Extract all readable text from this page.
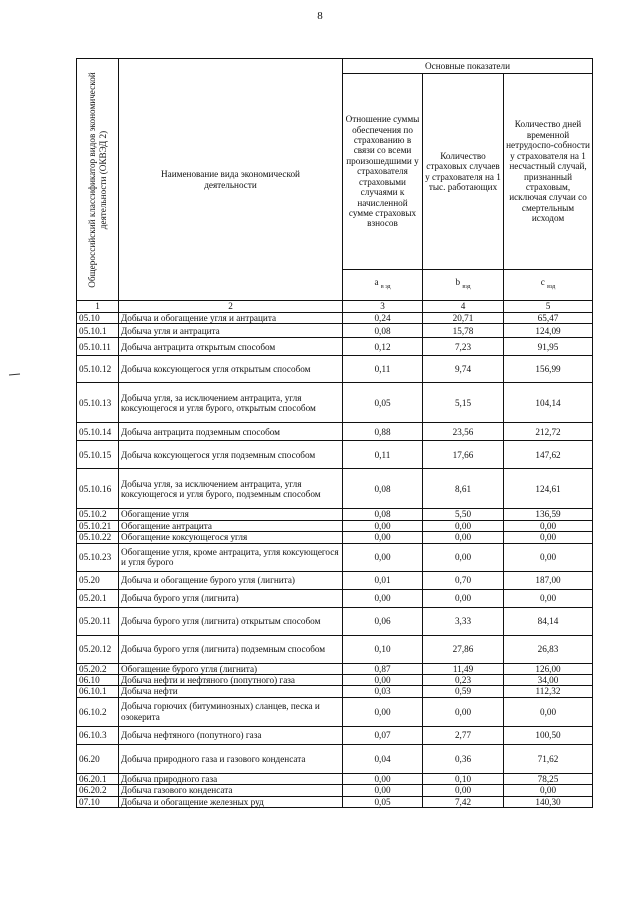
8
Общероссийский классификатор видов экономической деятельности (ОКВЭД 2)	Наименование вида экономической деятельности	Основные показатели		
		Отношение суммы обеспечения по страхованию в связи со всеми произошедшими у страхователя страховыми случаями к начисленной сумме страховых взносов	Количество страховых случаев у страхователя на 1 тыс. работающих	Количество дней временной нетрудоспо-собности у страхователя на 1 несчастный случай, признанный страховым, исключая случаи со смертельным исходом
		a $_{в эд}$	b $_{вэд}$	c $_{вэд}$
1	2	3	4	5
05.10	Добыча и обогащение угля и антрацита	0,24	20,71	65,47
05.10.1	Добыча угля и антрацита	0,08	15,78	124,09
05.10.11	Добыча антрацита открытым способом	0,12	7,23	91,95
05.10.12	Добыча коксующегося угля открытым способом	0,11	9,74	156,99
05.10.13	Добыча угля, за исключением антрацита, угля коксующегося и угля бурого, открытым способом	0,05	5,15	104,14
05.10.14	Добыча антрацита подземным способом	0,88	23,56	212,72
05.10.15	Добыча коксующегося угля подземным способом	0,11	17,66	147,62
05.10.16	Добыча угля, за исключением антрацита, угля коксующегося и угля бурого, подземным способом	0,08	8,61	124,61
05.10.2	Обогащение угля	0,08	5,50	136,59
05.10.21	Обогащение антрацита	0,00	0,00	0,00
05.10.22	Обогащение коксующегося угля	0,00	0,00	0,00
05.10.23	Обогащение угля, кроме антрацита, угля коксующегося и угля бурого	0,00	0,00	0,00
05.20	Добыча и обогащение бурого угля (лигнита)	0,01	0,70	187,00
05.20.1	Добыча бурого угля (лигнита)	0,00	0,00	0,00
05.20.11	Добыча бурого угля (лигнита) открытым способом	0,06	3,33	84,14
05.20.12	Добыча бурого угля (лигнита) подземным способом	0,10	27,86	26,83
05.20.2	Обогащение бурого угля (лигнита)	0,87	11,49	126,00
06.10	Добыча нефти и нефтяного (попутного) газа	0,00	0,23	34,00
06.10.1	Добыча нефти	0,03	0,59	112,32
06.10.2	Добыча горючих (битуминозных) сланцев, песка и озокерита	0,00	0,00	0,00
06.10.3	Добыча нефтяного (попутного) газа	0,07	2,77	100,50
06.20	Добыча природного газа и газового конденсата	0,04	0,36	71,62
06.20.1	Добыча природного газа	0,00	0,10	78,25
06.20.2	Добыча газового конденсата	0,00	0,00	0,00
07.10	Добыча и обогащение железных руд	0,05	7,42	140,30
